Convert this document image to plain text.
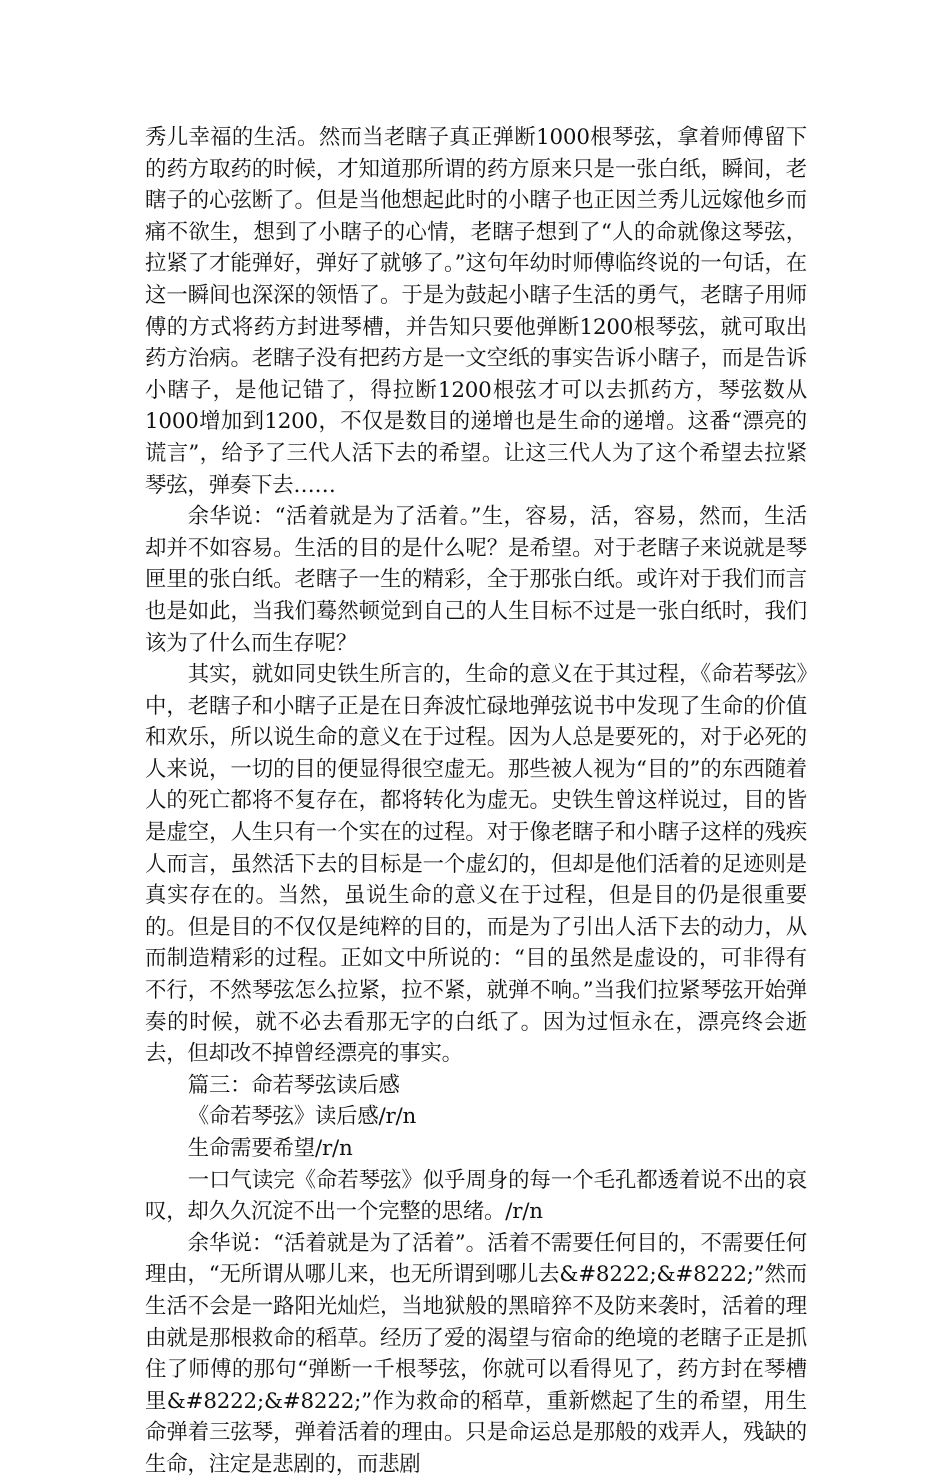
秀儿幸福的生活。然而当老瞎子真正弹断1000根琴弦，拿着师傅留下的药方取药的时候，才知道那所谓的药方原来只是一张白纸，瞬间，老瞎子的心弦断了。但是当他想起此时的小瞎子也正因兰秀儿远嫁他乡而痛不欲生，想到了小瞎子的心情，老瞎子想到了“人的命就像这琴弦，拉紧了才能弹好，弹好了就够了。”这句年幼时师傅临终说的一句话，在这一瞬间也深深的领悟了。于是为鼓起小瞎子生活的勇气，老瞎子用师傅的方式将药方封进琴槽，并告知只要他弹断1200根琴弦，就可取出药方治病。老瞎子没有把药方是一文空纸的事实告诉小瞎子，而是告诉小瞎子，是他记错了，得拉断1200根弦才可以去抓药方，琴弦数从1000增加到1200，不仅是数目的递增也是生命的递增。这番“漂亮的谎言”，给予了三代人活下去的希望。让这三代人为了这个希望去拉紧琴弦，弹奏下去……

余华说：“活着就是为了活着。”生，容易，活，容易，然而，生活却并不如容易。生活的目的是什么呢？是希望。对于老瞎子来说就是琴匣里的张白纸。老瞎子一生的精彩，全于那张白纸。或许对于我们而言也是如此，当我们蓦然顿觉到自己的人生目标不过是一张白纸时，我们该为了什么而生存呢？

其实，就如同史铁生所言的，生命的意义在于其过程，《命若琴弦》中，老瞎子和小瞎子正是在日奔波忙碌地弹弦说书中发现了生命的价值和欢乐，所以说生命的意义在于过程。因为人总是要死的，对于必死的人来说，一切的目的便显得很空虚无。那些被人视为“目的”的东西随着人的死亡都将不复存在，都将转化为虚无。史铁生曾这样说过，目的皆是虚空，人生只有一个实在的过程。对于像老瞎子和小瞎子这样的残疾人而言，虽然活下去的目标是一个虚幻的，但却是他们活着的足迹则是真实存在的。当然，虽说生命的意义在于过程，但是目的仍是很重要的。但是目的不仅仅是纯粹的目的，而是为了引出人活下去的动力，从而制造精彩的过程。正如文中所说的：“目的虽然是虚设的，可非得有不行，不然琴弦怎么拉紧，拉不紧，就弹不响。”当我们拉紧琴弦开始弹奏的时候，就不必去看那无字的白纸了。因为过恒永在，漂亮终会逝去，但却改不掉曾经漂亮的事实。

篇三：命若琴弦读后感

《命若琴弦》读后感/r/n

生命需要希望/r/n

一口气读完《命若琴弦》似乎周身的每一个毛孔都透着说不出的哀叹，却久久沉淀不出一个完整的思绪。/r/n

余华说：“活着就是为了活着”。活着不需要任何目的，不需要任何理由，“无所谓从哪儿来，也无所谓到哪儿去&#8222;&#8222;”然而生活不会是一路阳光灿烂，当地狱般的黑暗猝不及防来袭时，活着的理由就是那根救命的稻草。经历了爱的渴望与宿命的绝境的老瞎子正是抓住了师傅的那句“弹断一千根琴弦，你就可以看得见了，药方封在琴槽里&#8222;&#8222;”作为救命的稻草，重新燃起了生的希望，用生命弹着三弦琴，弹着活着的理由。只是命运总是那般的戏弄人，残缺的生命，注定是悲剧的，而悲剧
